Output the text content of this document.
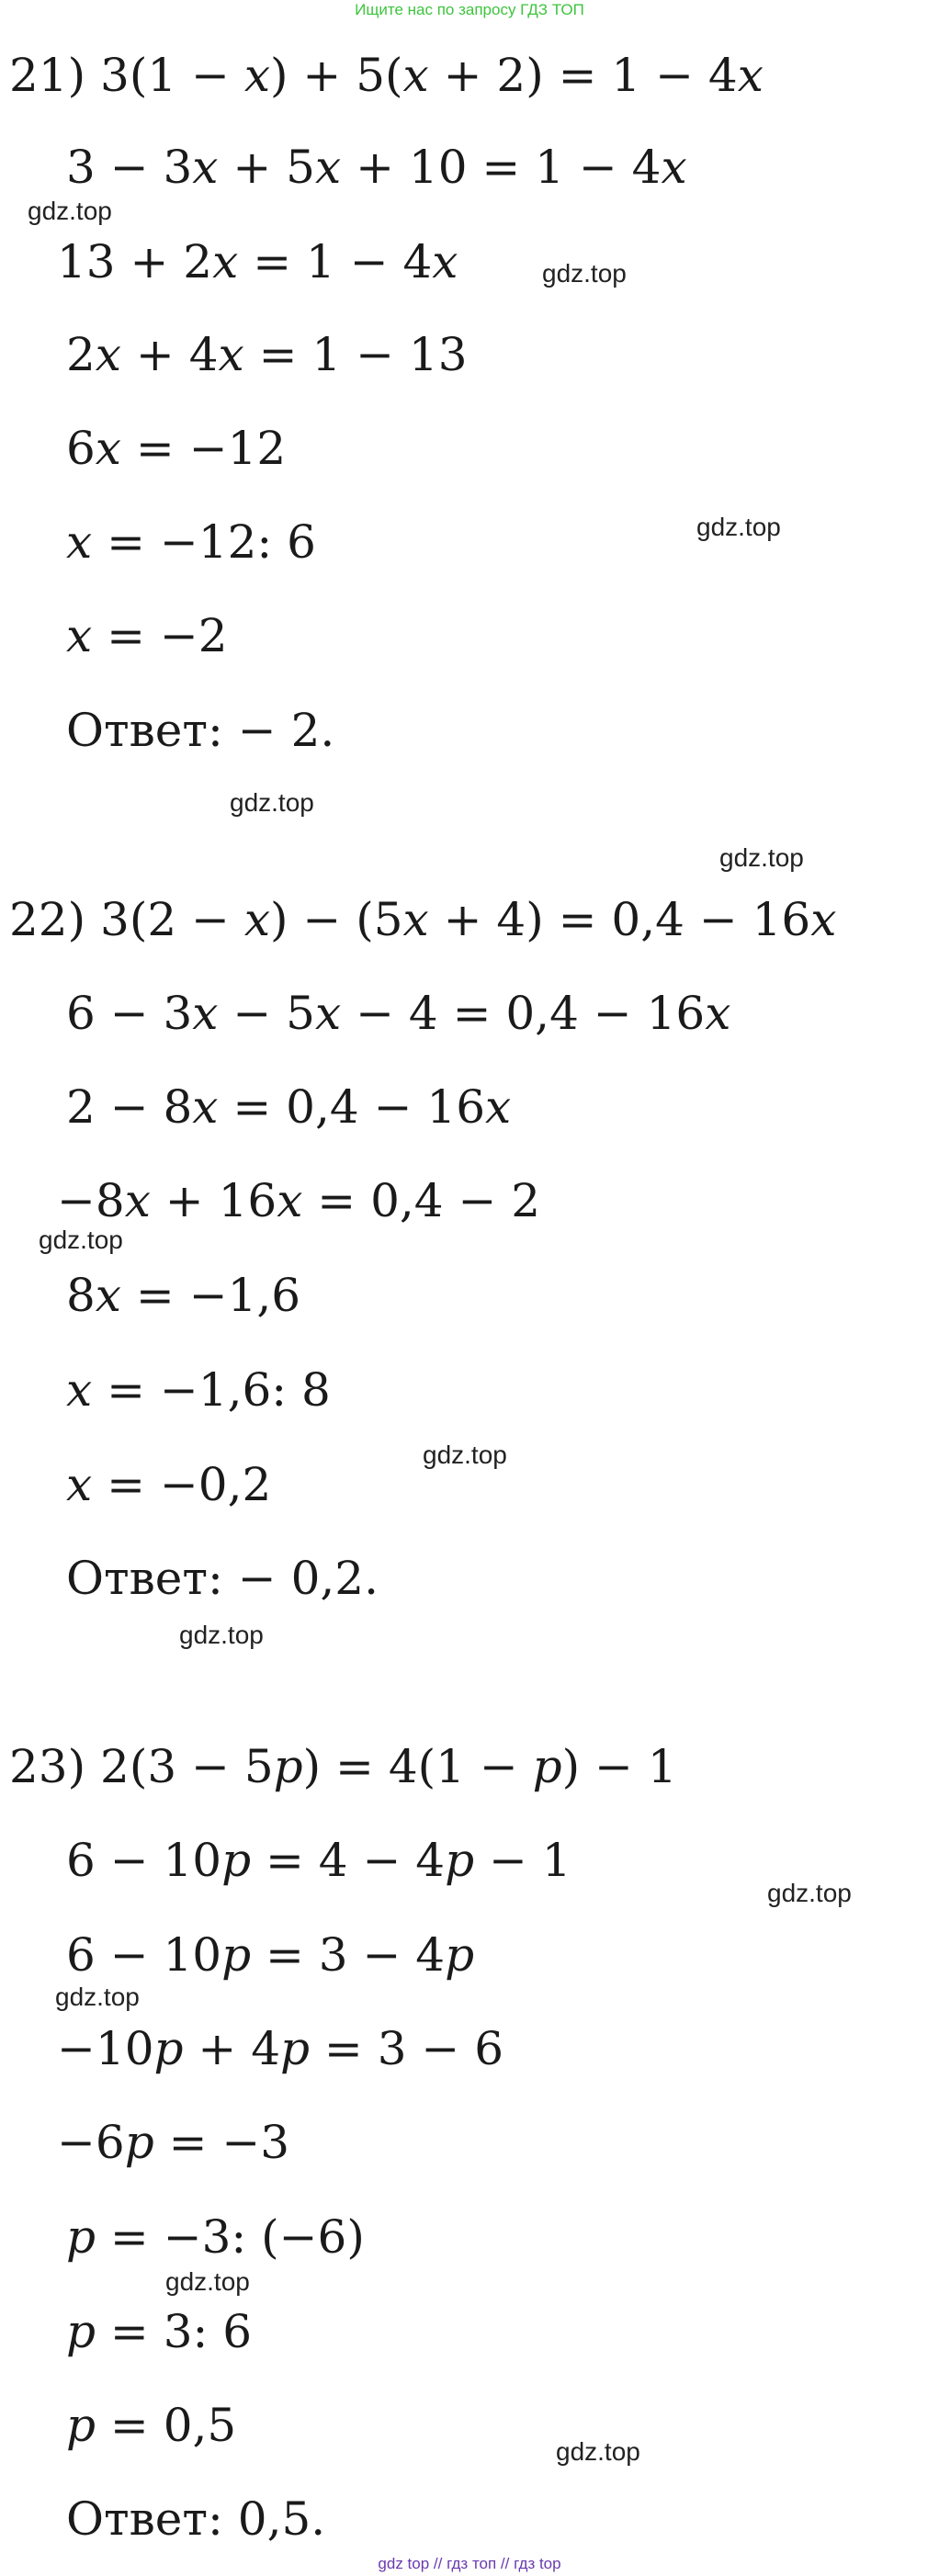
Ищите нас по запросу ГДЗ ТОП
21) 3(1 − 𝑥) + 5(𝑥 + 2) = 1 − 4𝑥
3 − 3𝑥 + 5𝑥 + 10 = 1 − 4𝑥
13 + 2𝑥 = 1 − 4𝑥
2𝑥 + 4𝑥 = 1 − 13
6𝑥 = −12
𝑥 = −12: 6
𝑥 = −2
Ответ: − 2.
22) 3(2 − 𝑥) − (5𝑥 + 4) = 0,4 − 16𝑥
6 − 3𝑥 − 5𝑥 − 4 = 0,4 − 16𝑥
2 − 8𝑥 = 0,4 − 16𝑥
−8𝑥 + 16𝑥 = 0,4 − 2
8𝑥 = −1,6
𝑥 = −1,6: 8
𝑥 = −0,2
Ответ: − 0,2.
23) 2(3 − 5𝑝) = 4(1 − 𝑝) − 1
6 − 10𝑝 = 4 − 4𝑝 − 1
6 − 10𝑝 = 3 − 4𝑝
−10𝑝 + 4𝑝 = 3 − 6
−6𝑝 = −3
𝑝 = −3: (−6)
𝑝 = 3: 6
𝑝 = 0,5
Ответ: 0,5.
gdz.top
gdz.top
gdz.top
gdz.top
gdz.top
gdz.top
gdz.top
gdz.top
gdz.top
gdz.top
gdz.top
gdz.top
gdz top // гдз топ // гдз top
